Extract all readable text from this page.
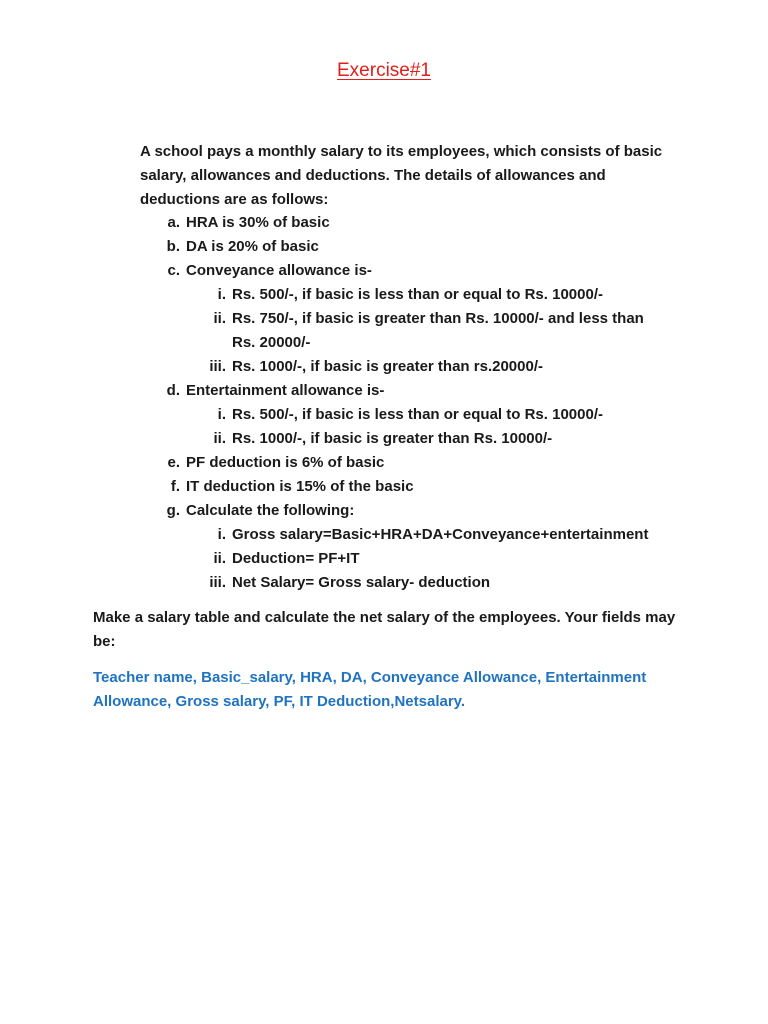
Exercise#1
A school pays a monthly salary to its employees, which consists of basic salary, allowances and deductions. The details of allowances and deductions are as follows:
a. HRA is 30% of basic
b. DA is 20% of basic
c. Conveyance allowance is-
i. Rs. 500/-, if basic is less than or equal to Rs. 10000/-
ii. Rs. 750/-, if basic is greater than Rs. 10000/- and less than
Rs. 20000/-
iii. Rs. 1000/-, if basic is greater than rs.20000/-
d. Entertainment allowance is-
i. Rs. 500/-, if basic is less than or equal to Rs. 10000/-
ii. Rs. 1000/-, if basic is greater than Rs. 10000/-
e. PF deduction is 6% of basic
f. IT deduction is 15% of the basic
g. Calculate the following:
i. Gross salary=Basic+HRA+DA+Conveyance+entertainment
ii. Deduction= PF+IT
iii. Net Salary= Gross salary- deduction
Make a salary table and calculate the net salary of the employees. Your fields may be:
Teacher name, Basic_salary, HRA, DA, Conveyance Allowance, Entertainment Allowance, Gross salary, PF, IT Deduction,Netsalary.
